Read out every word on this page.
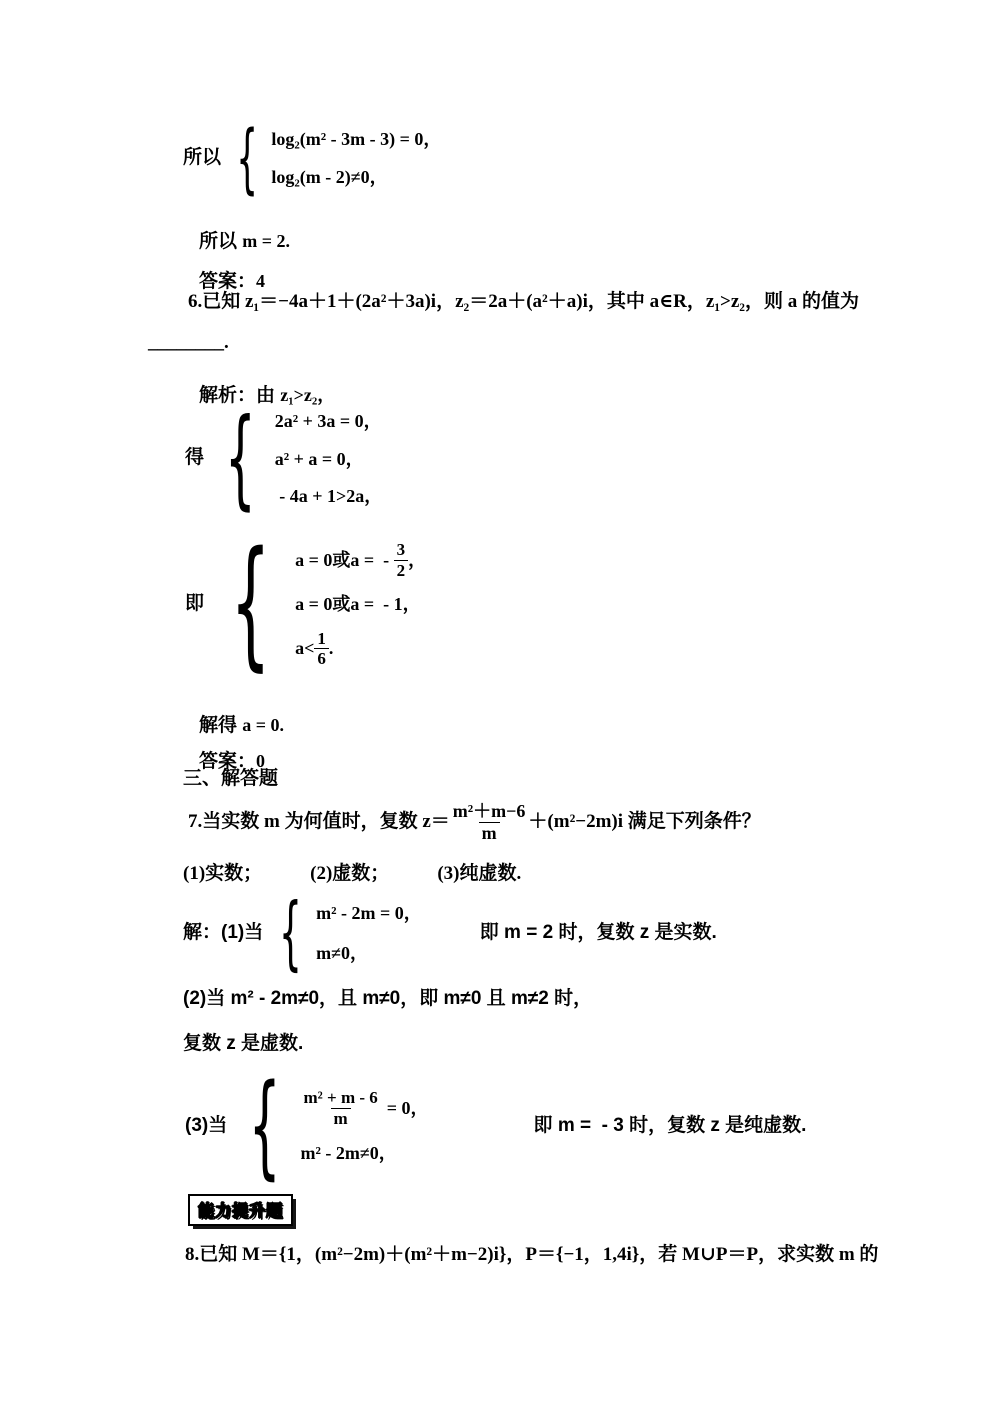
所以 { log₂(m² - 3m - 3) = 0，
log₂(m - 2)≠0，

所以 m = 2.

答案：4

6.已知 z₁＝−4a＋1＋(2a²＋3a)i，z₂＝2a＋(a²＋a)i，其中 a∈R，z₁>z₂，则 a 的值为
________.

解析：由 z₁>z₂，

得 { 2a² + 3a = 0，
a² + a = 0，
- 4a + 1>2a，
即 { a = 0或a =  - $\frac{3}{2}$ ，
a = 0或a =  - 1，
$a< \frac{1}{6}$ .

解得 a = 0.

答案：0

三、解答题
7.当实数 m 为何值时，复数 $z= \frac{\text{m²＋m−6}}{m} +(m^2-2m)i$ 满足下列条件？
(1)实数；	(2)虚数；	(3)纯虚数.
解：(1)当 { m² - 2m = 0，
m≠0，
即 m = 2 时，复数 z 是实数.
(2)当 m² - 2m≠0，且 m≠0，即 m≠0 且 m≠2 时，
复数 z 是虚数.
(3)当 { $\frac{\text{m² + m - 6}}{m} = 0$，
m² - 2m≠0，
即 m =  - 3 时，复数 z 是纯虚数.
能力提升题
8.已知 M＝{1，(m²−2m)＋(m²＋m−2)i}，P＝{−1，1,4i}，若 M∪P＝P，求实数 m 的
